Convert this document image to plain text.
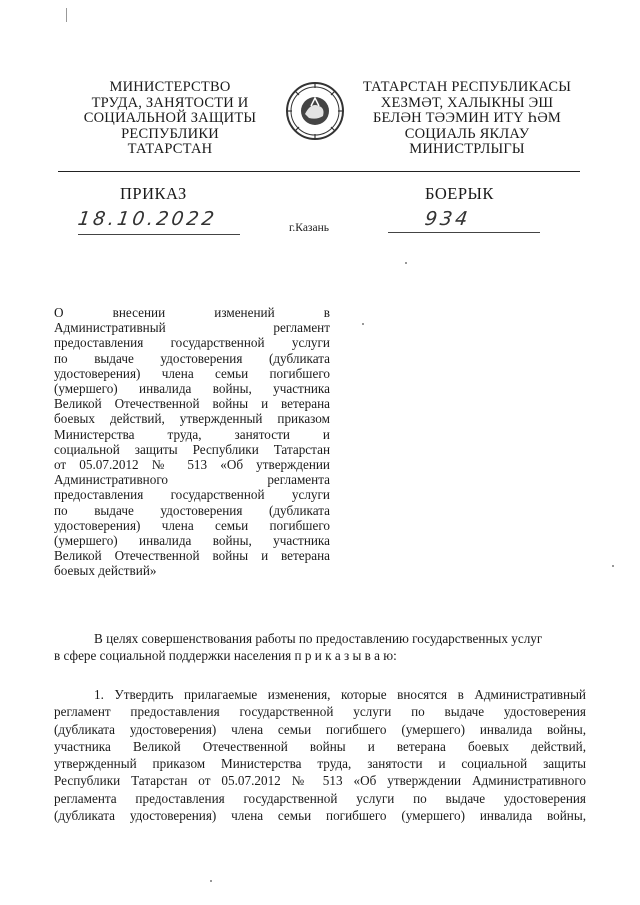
МИНИСТЕРСТВО
ТРУДА, ЗАНЯТОСТИ И
СОЦИАЛЬНОЙ ЗАЩИТЫ
РЕСПУБЛИКИ
ТАТАРСТАН
ТАТАРСТАН РЕСПУБЛИКАСЫ
ХЕЗМӘТ, ХАЛЫКНЫ ЭШ
БЕЛӘН ТӘЭМИН ИТҮ ҺӘМ
СОЦИАЛЬ ЯКЛАУ
МИНИСТРЛЫГЫ
ПРИКАЗ	БОЕРЫК
18.10.2022	г.Казань	934
О внесении изменений в
Административный регламент
предоставления государственной услуги
по выдаче удостоверения (дубликата
удостоверения) члена семьи погибшего
(умершего) инвалида войны, участника
Великой Отечественной войны и ветерана
боевых действий, утвержденный приказом
Министерства труда, занятости и
социальной защиты Республики Татарстан
от 05.07.2012 № 513 «Об утверждении
Административного регламента
предоставления государственной услуги
по выдаче удостоверения (дубликата
удостоверения) члена семьи погибшего
(умершего) инвалида войны, участника
Великой Отечественной войны и ветерана
боевых действий»
В целях совершенствования работы по предоставлению государственных услуг
в сфере социальной поддержки населения п р и к а з ы в а ю:
1. Утвердить прилагаемые изменения, которые вносятся в Административный
регламент предоставления государственной услуги по выдаче удостоверения
(дубликата удостоверения) члена семьи погибшего (умершего) инвалида войны,
участника Великой Отечественной войны и ветерана боевых действий,
утвержденный приказом Министерства труда, занятости и социальной защиты
Республики Татарстан от 05.07.2012 № 513 «Об утверждении Административного
регламента предоставления государственной услуги по выдаче удостоверения
(дубликата удостоверения) члена семьи погибшего (умершего) инвалида войны,
